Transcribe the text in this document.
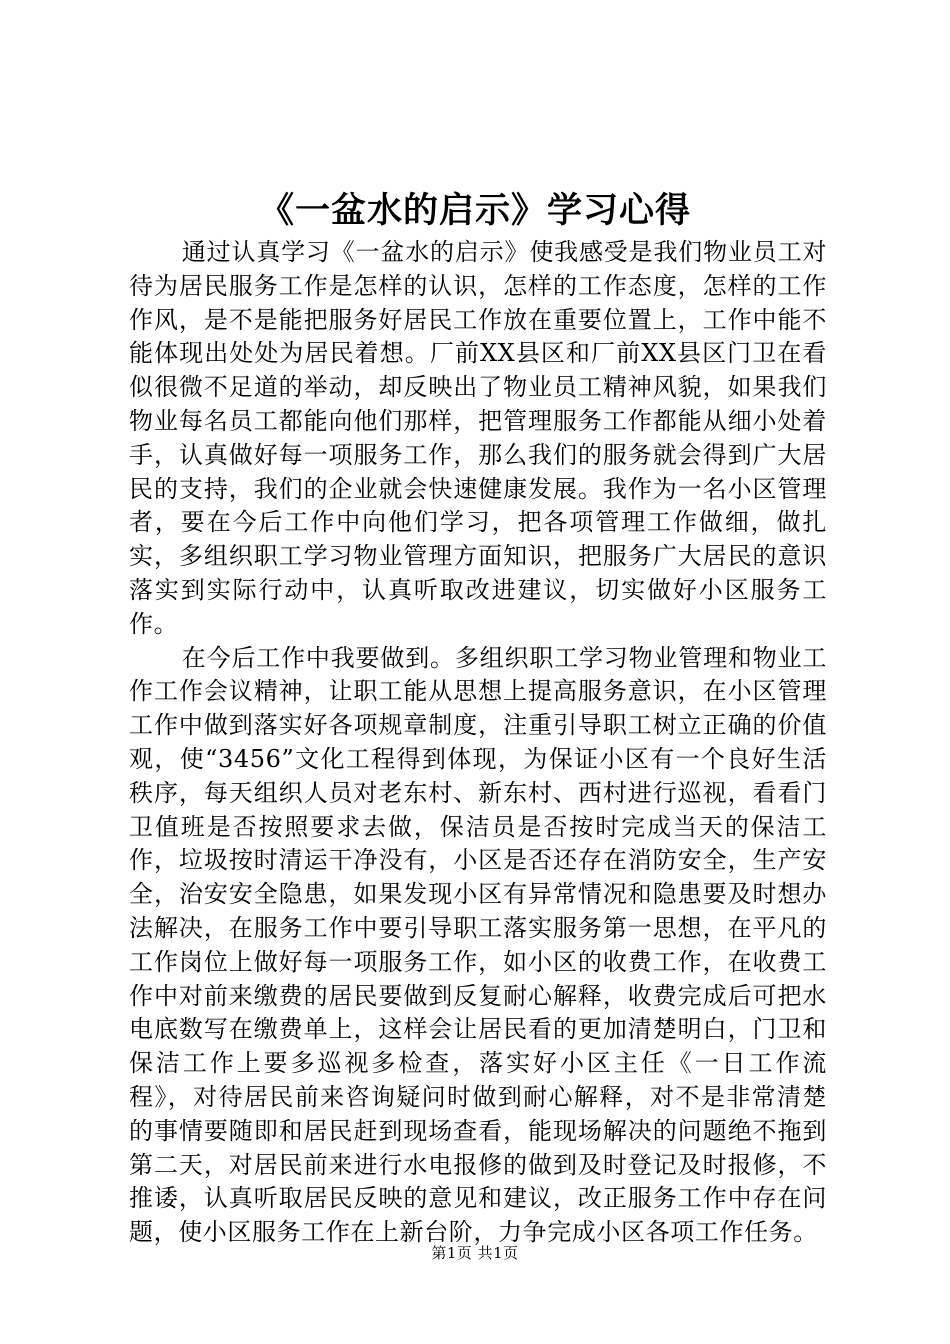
《一盆水的启示》学习心得

通过认真学习《一盆水的启示》使我感受是我们物业员工对待为居民服务工作是怎样的认识，怎样的工作态度，怎样的工作作风，是不是能把服务好居民工作放在重要位置上，工作中能不能体现出处处为居民着想。厂前XX县区和厂前XX县区门卫在看似很微不足道的举动，却反映出了物业员工精神风貌，如果我们物业每名员工都能向他们那样，把管理服务工作都能从细小处着手，认真做好每一项服务工作，那么我们的服务就会得到广大居民的支持，我们的企业就会快速健康发展。我作为一名小区管理者，要在今后工作中向他们学习，把各项管理工作做细，做扎实，多组织职工学习物业管理方面知识，把服务广大居民的意识落实到实际行动中，认真听取改进建议，切实做好小区服务工作。

在今后工作中我要做到。多组织职工学习物业管理和物业工作工作会议精神，让职工能从思想上提高服务意识，在小区管理工作中做到落实好各项规章制度，注重引导职工树立正确的价值观，使“3456”文化工程得到体现，为保证小区有一个良好生活秩序，每天组织人员对老东村、新东村、西村进行巡视，看看门卫值班是否按照要求去做，保洁员是否按时完成当天的保洁工作，垃圾按时清运干净没有，小区是否还存在消防安全，生产安全，治安安全隐患，如果发现小区有异常情况和隐患要及时想办法解决，在服务工作中要引导职工落实服务第一思想，在平凡的工作岗位上做好每一项服务工作，如小区的收费工作，在收费工作中对前来缴费的居民要做到反复耐心解释，收费完成后可把水电底数写在缴费单上，这样会让居民看的更加清楚明白，门卫和保洁工作上要多巡视多检查，落实好小区主任《一日工作流程》，对待居民前来咨询疑问时做到耐心解释，对不是非常清楚的事情要随即和居民赶到现场查看，能现场解决的问题绝不拖到第二天，对居民前来进行水电报修的做到及时登记及时报修，不推诿，认真听取居民反映的意见和建议，改正服务工作中存在问题，使小区服务工作在上新台阶，力争完成小区各项工作任务。

第1页 共1页
